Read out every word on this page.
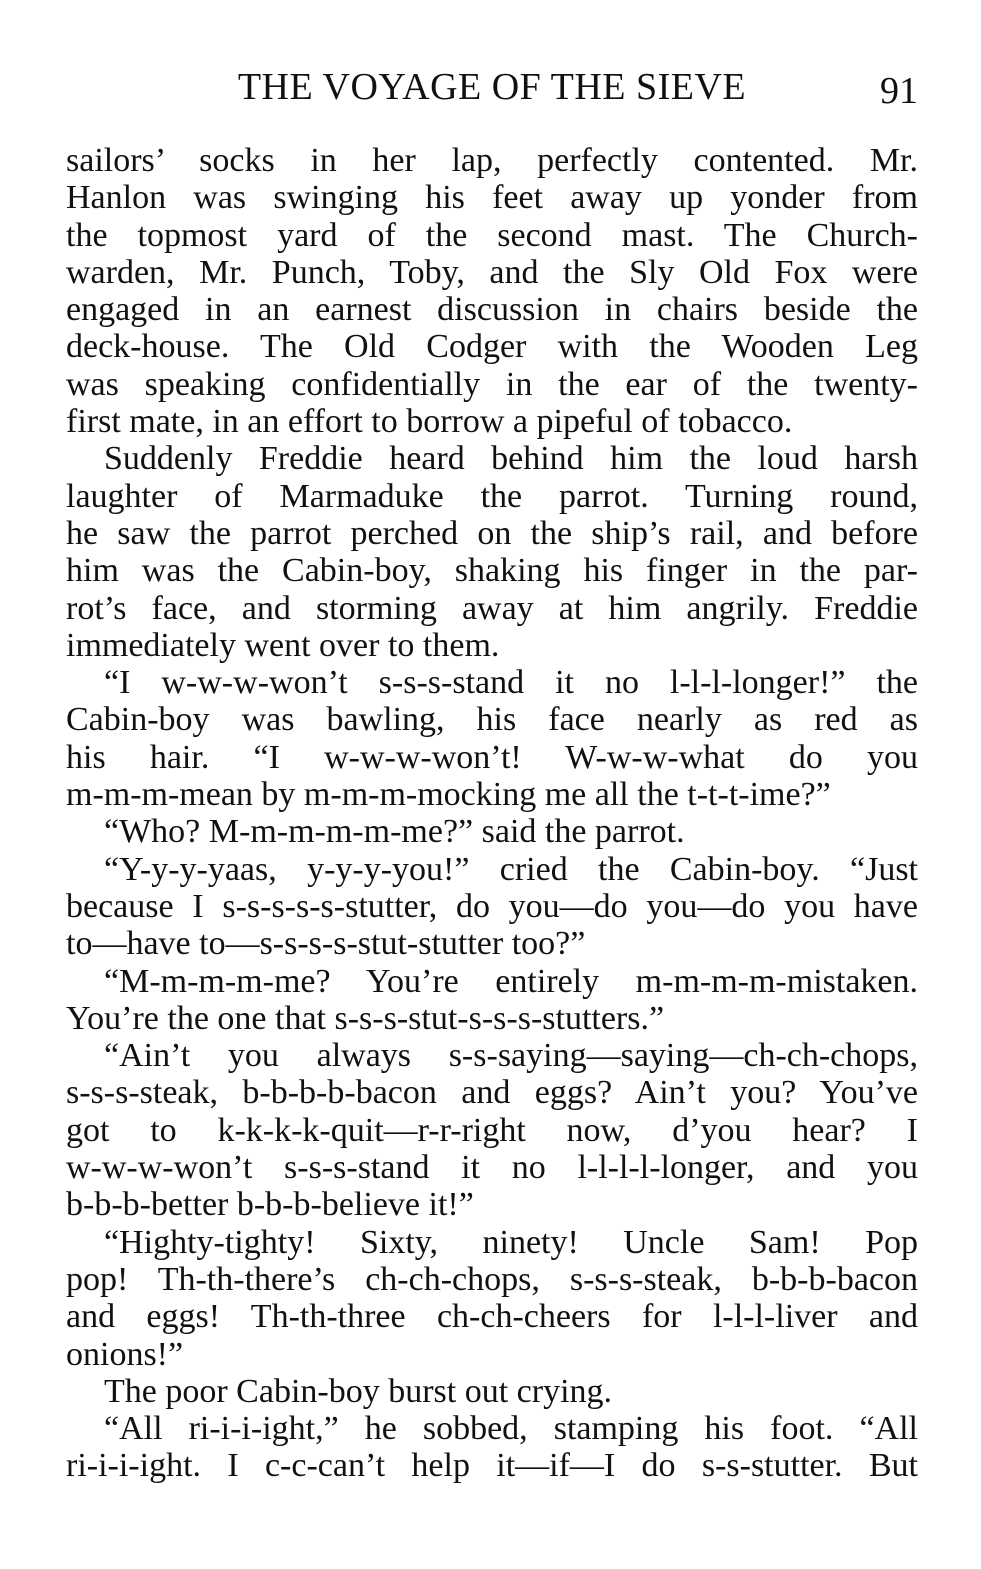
THE VOYAGE OF THE SIEVE	91
sailors’ socks in her lap, perfectly contented. Mr.
Hanlon was swinging his feet away up yonder from
the topmost yard of the second mast. The Church-
warden, Mr. Punch, Toby, and the Sly Old Fox were
engaged in an earnest discussion in chairs beside the
deck-house. The Old Codger with the Wooden Leg
was speaking confidentially in the ear of the twenty-
first mate, in an effort to borrow a pipeful of tobacco.
Suddenly Freddie heard behind him the loud harsh
laughter of Marmaduke the parrot. Turning round,
he saw the parrot perched on the ship’s rail, and before
him was the Cabin-boy, shaking his finger in the par-
rot’s face, and storming away at him angrily. Freddie
immediately went over to them.
“I w-w-w-won’t s-s-s-stand it no l-l-l-longer!” the
Cabin-boy was bawling, his face nearly as red as
his hair. “I w-w-w-won’t! W-w-w-what do you
m-m-m-mean by m-m-m-mocking me all the t-t-t-ime?”
“Who? M-m-m-m-m-me?” said the parrot.
“Y-y-y-yaas, y-y-y-you!” cried the Cabin-boy. “Just
because I s-s-s-s-s-stutter, do you—do you—do you have
to—have to—s-s-s-s-stut-stutter too?”
“M-m-m-m-me? You’re entirely m-m-m-m-mistaken.
You’re the one that s-s-s-stut-s-s-s-stutters.”
“Ain’t you always s-s-saying—saying—ch-ch-chops,
s-s-s-steak, b-b-b-b-bacon and eggs? Ain’t you? You’ve
got to k-k-k-k-quit—r-r-right now, d’you hear? I
w-w-w-won’t s-s-s-stand it no l-l-l-l-longer, and you
b-b-b-better b-b-b-believe it!”
“Highty-tighty! Sixty, ninety! Uncle Sam! Pop
pop! Th-th-there’s ch-ch-chops, s-s-s-steak, b-b-b-bacon
and eggs! Th-th-three ch-ch-cheers for l-l-l-liver and
onions!”
The poor Cabin-boy burst out crying.
“All ri-i-i-ight,” he sobbed, stamping his foot. “All
ri-i-i-ight. I c-c-can’t help it—if—I do s-s-stutter. But
